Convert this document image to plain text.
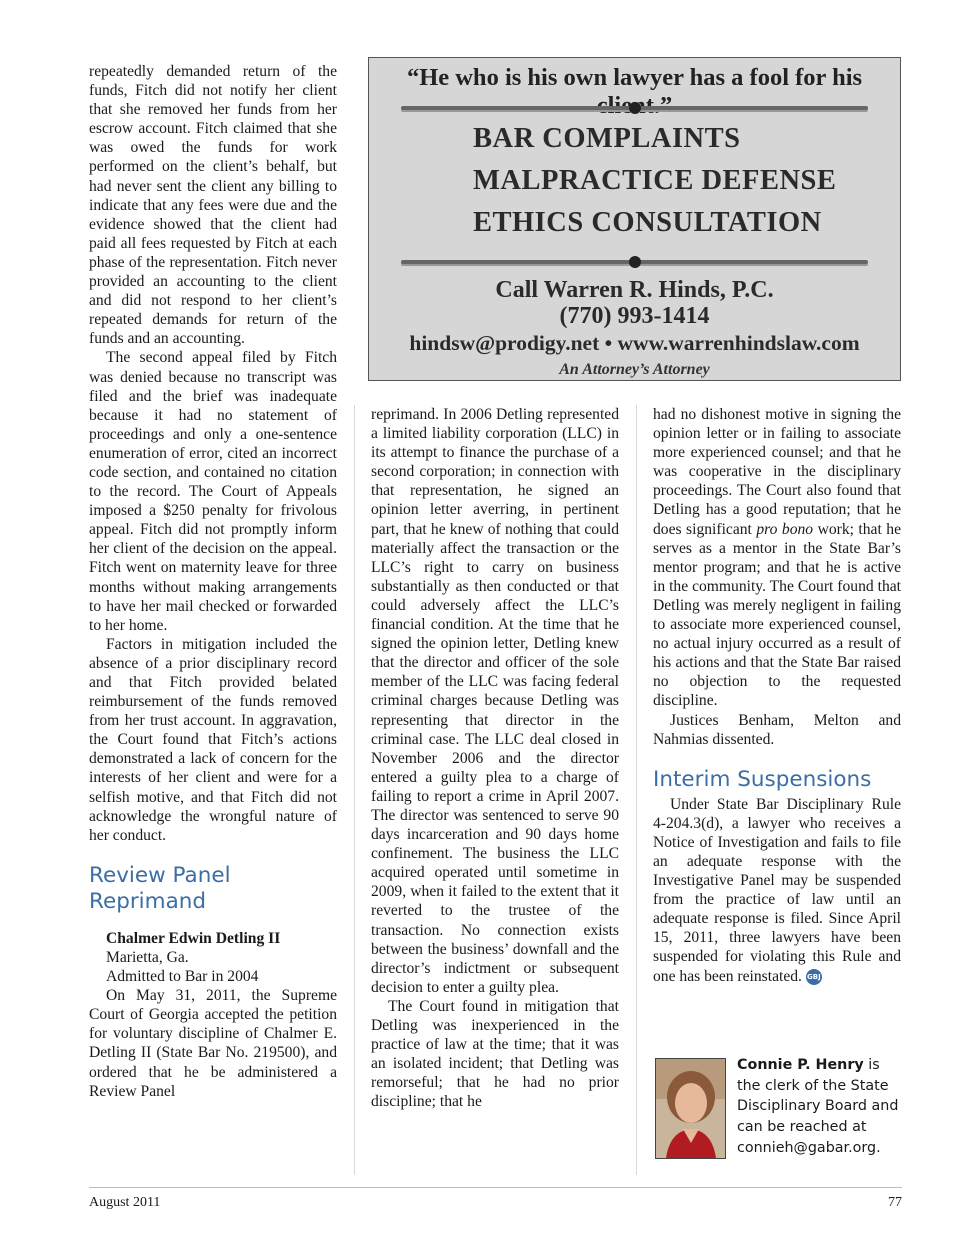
repeatedly demanded return of the funds, Fitch did not notify her client that she removed her funds from her escrow account. Fitch claimed that she was owed the funds for work performed on the client’s behalf, but had never sent the client any billing to indicate that any fees were due and the evidence showed that the client had paid all fees requested by Fitch at each phase of the representation. Fitch never provided an accounting to the client and did not respond to her client’s repeated demands for return of the funds and an accounting.

The second appeal filed by Fitch was denied because no transcript was filed and the brief was inadequate because it had no statement of proceedings and only a one-sentence enumeration of error, cited an incorrect code section, and contained no citation to the record. The Court of Appeals imposed a $250 penalty for frivolous appeal. Fitch did not promptly inform her client of the decision on the appeal. Fitch went on maternity leave for three months without making arrangements to have her mail checked or forwarded to her home.

Factors in mitigation included the absence of a prior disciplinary record and that Fitch provided belated reimbursement of the funds removed from her trust account. In aggravation, the Court found that Fitch’s actions demonstrated a lack of concern for the interests of her client and were for a selfish motive, and that Fitch did not acknowledge the wrongful nature of her conduct.

Review Panel Reprimand

Chalmer Edwin Detling II

Marietta, Ga.

Admitted to Bar in 2004

On May 31, 2011, the Supreme Court of Georgia accepted the petition for voluntary discipline of Chalmer E. Detling II (State Bar No. 219500), and ordered that he be administered a Review Panel

“He who is his own lawyer has a fool for his
BAR COMPLAINTS
MALPRACTICE DEFENSE
ETHICS CONSULTATION
Call Warren R. Hinds, P.C.
(770) 993-1414
hindsw@prodigy.net • www.warrenhindslaw.com
An Attorney’s Attorney

reprimand. In 2006 Detling represented a limited liability corporation (LLC) in its attempt to finance the purchase of a second corporation; in connection with that representation, he signed an opinion letter averring, in pertinent part, that he knew of nothing that could materially affect the transaction or the LLC’s right to carry on business substantially as then conducted or that could adversely affect the LLC’s financial condition. At the time that he signed the opinion letter, Detling knew that the director and officer of the sole member of the LLC was facing federal criminal charges because Detling was representing that director in the criminal case. The LLC deal closed in November 2006 and the director entered a guilty plea to a charge of failing to report a crime in April 2007. The director was sentenced to serve 90 days incarceration and 90 days home confinement. The business the LLC acquired operated until sometime in 2009, when it failed to the extent that it reverted to the trustee of the transaction. No connection exists between the business’ downfall and the director’s indictment or subsequent decision to enter a guilty plea.

The Court found in mitigation that Detling was inexperienced in the practice of law at the time; that it was an isolated incident; that Detling was remorseful; that he had no prior discipline; that he

had no dishonest motive in signing the opinion letter or in failing to associate more experienced counsel; and that he was cooperative in the disciplinary proceedings. The Court also found that Detling has a good reputation; that he does significant pro bono work; that he serves as a mentor in the State Bar’s mentor program; and that he is active in the community. The Court found that Detling was merely negligent in failing to associate more experienced counsel, no actual injury occurred as a result of his actions and that the State Bar raised no objection to the requested discipline.

Justices Benham, Melton and Nahmias dissented.

Interim Suspensions

Under State Bar Disciplinary Rule 4-204.3(d), a lawyer who receives a Notice of Investigation and fails to file an adequate response with the Investigative Panel may be suspended from the practice of law until an adequate response is filed. Since April 15, 2011, three lawyers have been suspended for violating this Rule and one has been reinstated. GBJ

Connie P. Henry is the clerk of the State Disciplinary Board and can be reached at connieh@gabar.org.
August 2011	77
